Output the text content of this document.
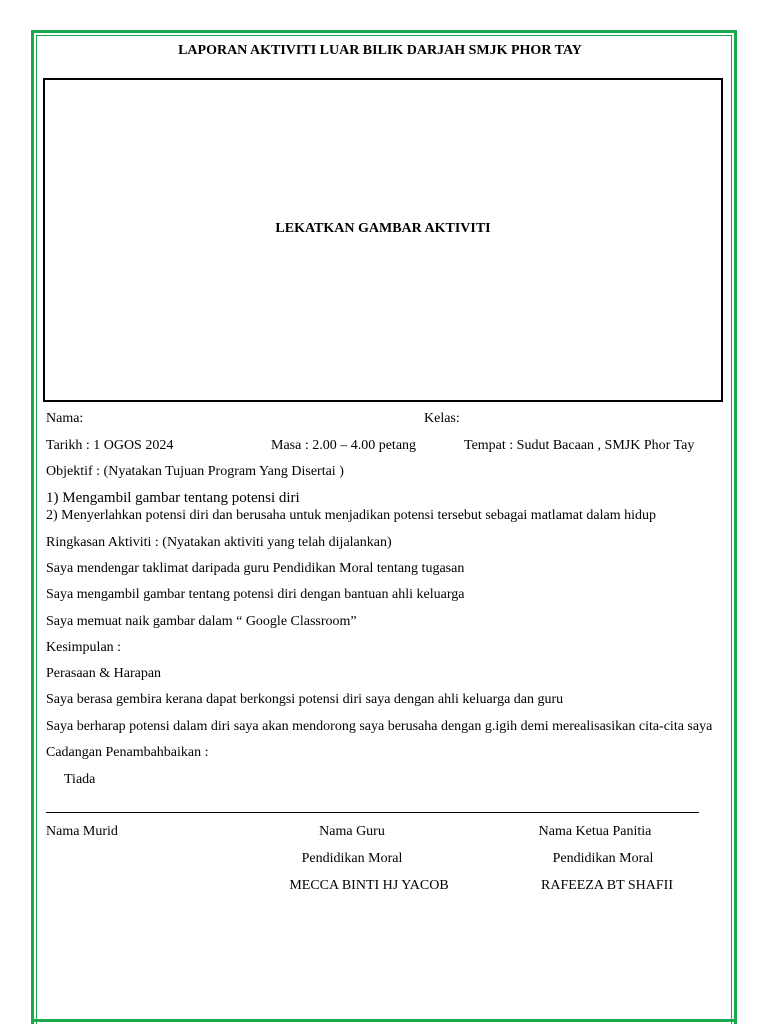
LAPORAN AKTIVITI LUAR BILIK DARJAH SMJK PHOR TAY
LEKATKAN GAMBAR AKTIVITI
Nama:	Kelas:
Tarikh : 1 OGOS 2024	Masa : 2.00 – 4.00 petang	Tempat : Sudut Bacaan , SMJK Phor Tay
Objektif : (Nyatakan Tujuan Program Yang Disertai )
1) Mengambil gambar tentang potensi diri
2) Menyerlahkan potensi diri dan berusaha untuk menjadikan potensi tersebut sebagai matlamat dalam hidup
Ringkasan Aktiviti : (Nyatakan aktiviti yang telah dijalankan)
Saya mendengar taklimat daripada guru Pendidikan Moral tentang tugasan
Saya mengambil gambar tentang potensi diri dengan bantuan ahli keluarga
Saya memuat naik gambar dalam “ Google Classroom”
Kesimpulan :
Perasaan & Harapan
Saya berasa gembira kerana dapat berkongsi potensi diri saya dengan ahli keluarga dan guru
Saya berharap potensi dalam diri saya akan mendorong saya berusaha dengan g.igih demi merealisasikan cita-cita saya
Cadangan Penambahbaikan :
Tiada
Nama Murid	Nama Guru
Pendidikan Moral
MECCA BINTI HJ YACOB
Nama Ketua Panitia
Pendidikan Moral
RAFEEZA BT SHAFII
